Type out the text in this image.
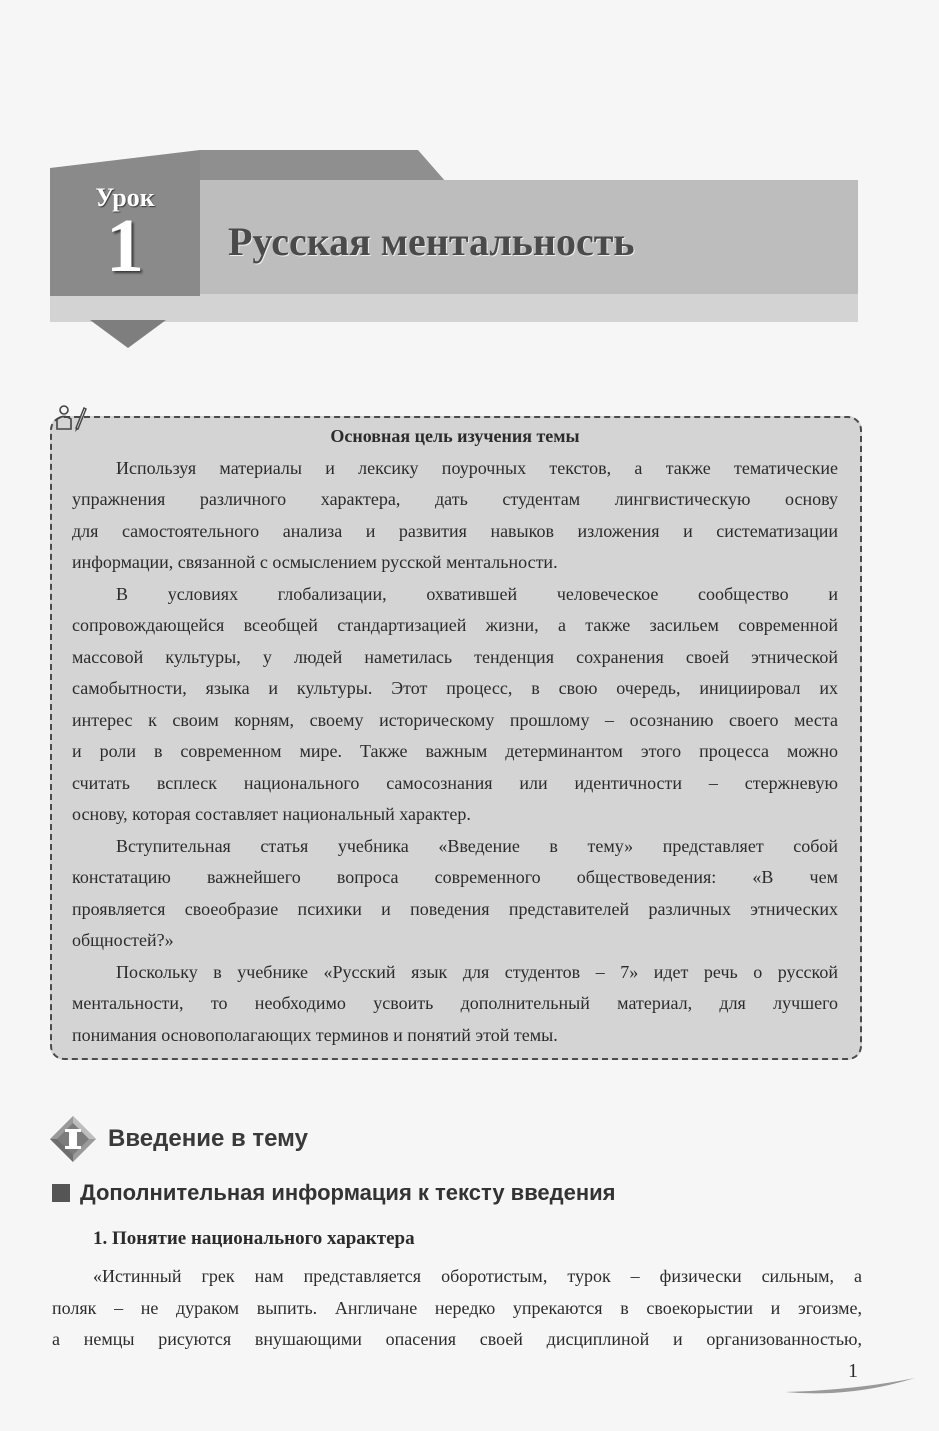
Урок
1	Русская ментальность
Основная цель изучения темы
Используя материалы и лексику поурочных текстов, а также тематические
упражнения различного характера, дать студентам лингвистическую основу
для самостоятельного анализа и развития навыков изложения и систематизации
информации, связанной с осмыслением русской ментальности.
В условиях глобализации, охватившей человеческое сообщество и
сопровождающейся всеобщей стандартизацией жизни, а также засильем современной
массовой культуры, у людей наметилась тенденция сохранения своей этнической
самобытности, языка и культуры. Этот процесс, в свою очередь, инициировал их
интерес к своим корням, своему историческому прошлому – осознанию своего места
и роли в современном мире. Также важным детерминантом этого процесса можно
считать всплеск национального самосознания или идентичности – стержневую
основу, которая составляет национальный характер.
Вступительная статья учебника «Введение в тему» представляет собой
констатацию важнейшего вопроса современного обществоведения: «В чем
проявляется своеобразие психики и поведения представителей различных этнических
общностей?»
Поскольку в учебнике «Русский язык для студентов – 7» идет речь о русской
ментальности, то необходимо усвоить дополнительный материал, для лучшего
понимания основополагающих терминов и понятий этой темы.
Введение в тему
Дополнительная информация к тексту введения
1. Понятие национального характера
«Истинный грек нам представляется оборотистым, турок – физически сильным, а
поляк – не дураком выпить. Англичане нередко упрекаются в своекорыстии и эгоизме,
а немцы рисуются внушающими опасения своей дисциплиной и организованностью,
1
